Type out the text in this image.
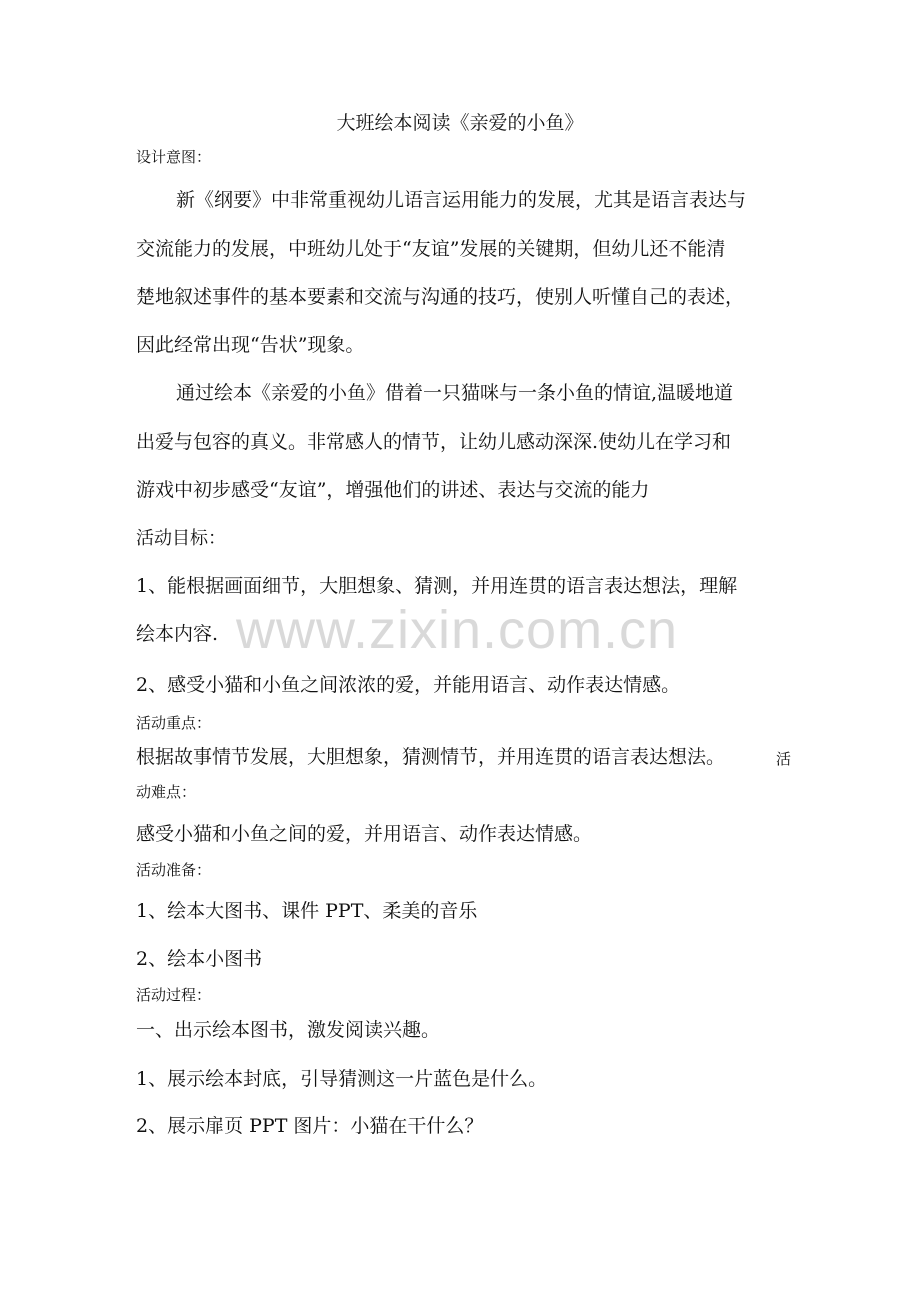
大班绘本阅读《亲爱的小鱼》
设计意图：
新《纲要》中非常重视幼儿语言运用能力的发展，尤其是语言表达与
交流能力的发展，中班幼儿处于“友谊”发展的关键期，但幼儿还不能清
楚地叙述事件的基本要素和交流与沟通的技巧，使别人听懂自己的表述，
因此经常出现“告状”现象。
通过绘本《亲爱的小鱼》借着一只猫咪与一条小鱼的情谊,温暖地道
出爱与包容的真义。非常感人的情节，让幼儿感动深深.使幼儿在学习和
游戏中初步感受“友谊”，增强他们的讲述、表达与交流的能力
活动目标：
1、能根据画面细节，大胆想象、猜测，并用连贯的语言表达想法，理解
绘本内容.
2、感受小猫和小鱼之间浓浓的爱，并能用语言、动作表达情感。
活动重点：
根据故事情节发展，大胆想象，猜测情节，并用连贯的语言表达想法。	活
动难点：
感受小猫和小鱼之间的爱，并用语言、动作表达情感。
活动准备：
1、绘本大图书、课件 PPT、柔美的音乐
2、绘本小图书
活动过程：
一、出示绘本图书，激发阅读兴趣。
1、展示绘本封底，引导猜测这一片蓝色是什么。
2、展示扉页 PPT 图片：小猫在干什么？
www.zixin.com.cn
